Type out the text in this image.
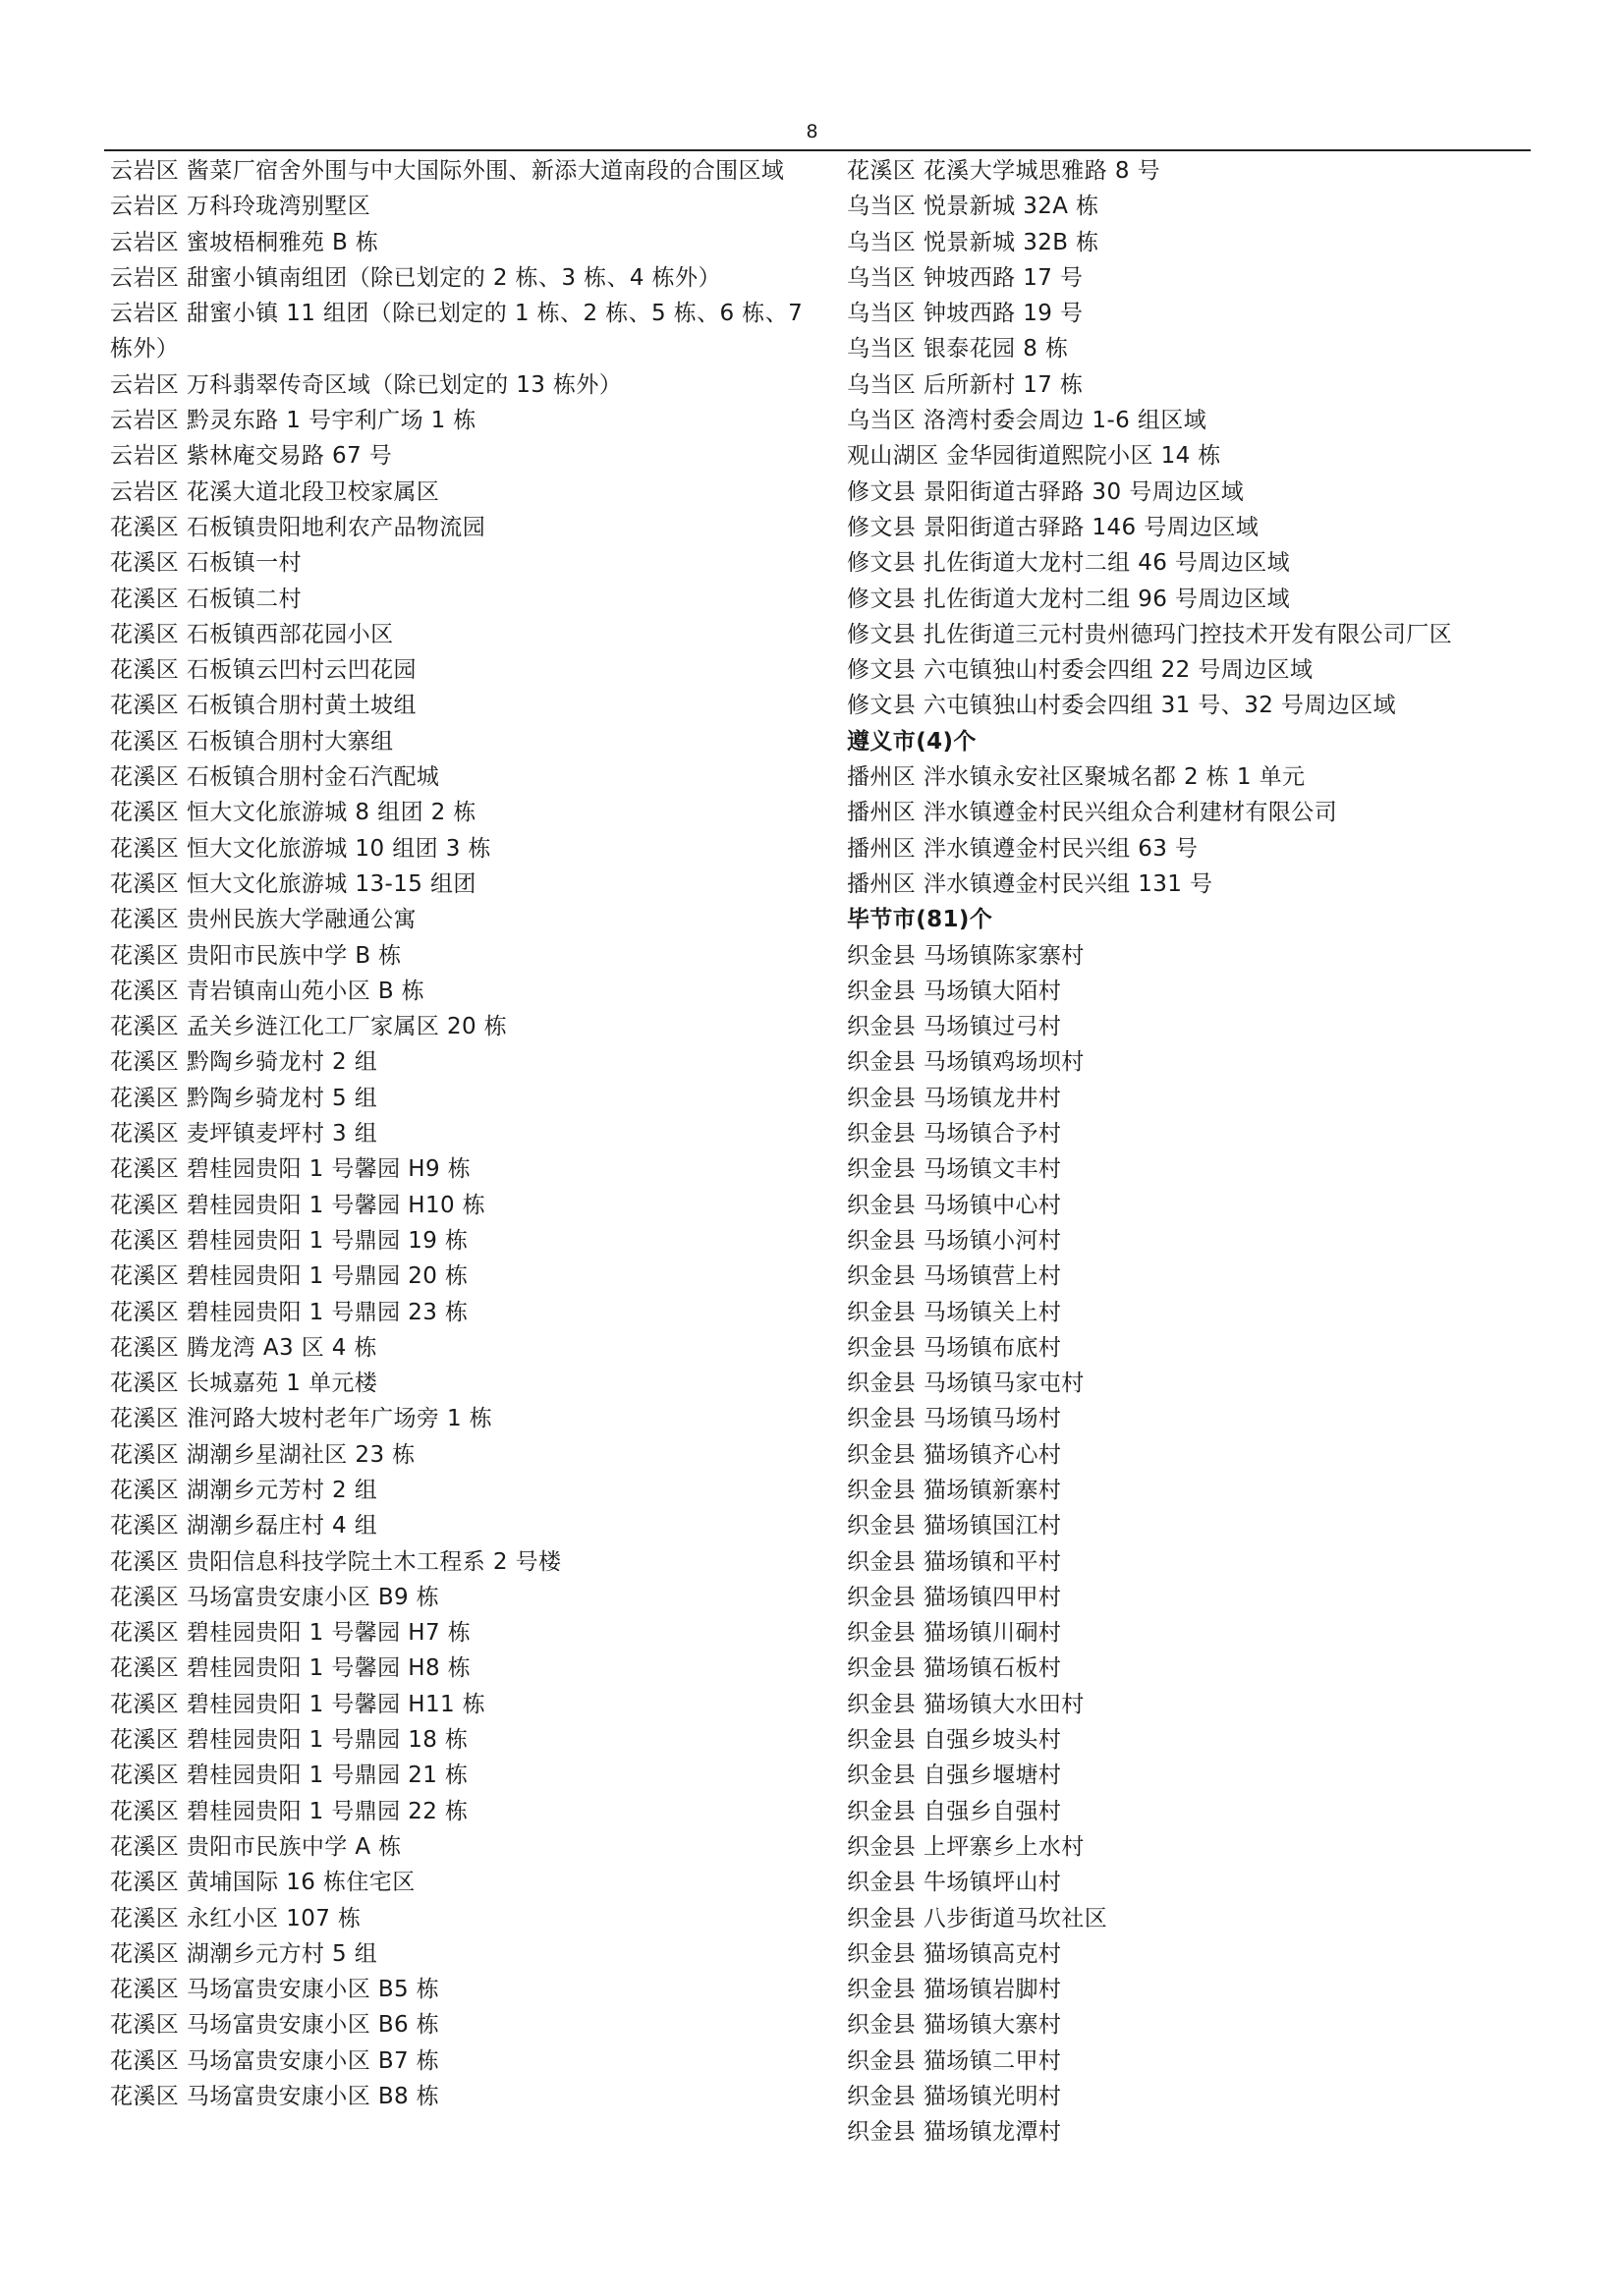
8
云岩区 酱菜厂宿舍外围与中大国际外围、新添大道南段的合围区域
云岩区 万科玲珑湾别墅区
云岩区 蜜坡梧桐雅苑 B 栋
云岩区 甜蜜小镇南组团（除已划定的 2 栋、3 栋、4 栋外）
云岩区 甜蜜小镇 11 组团（除已划定的 1 栋、2 栋、5 栋、6 栋、7 栋外）
云岩区 万科翡翠传奇区域（除已划定的 13 栋外）
云岩区 黔灵东路 1 号宇利广场 1 栋
云岩区 紫林庵交易路 67 号
云岩区 花溪大道北段卫校家属区
花溪区 石板镇贵阳地利农产品物流园
花溪区 石板镇一村
花溪区 石板镇二村
花溪区 石板镇西部花园小区
花溪区 石板镇云凹村云凹花园
花溪区 石板镇合朋村黄土坡组
花溪区 石板镇合朋村大寨组
花溪区 石板镇合朋村金石汽配城
花溪区 恒大文化旅游城 8 组团 2 栋
花溪区 恒大文化旅游城 10 组团 3 栋
花溪区 恒大文化旅游城 13-15 组团
花溪区 贵州民族大学融通公寓
花溪区 贵阳市民族中学 B 栋
花溪区 青岩镇南山苑小区 B 栋
花溪区 孟关乡涟江化工厂家属区 20 栋
花溪区 黔陶乡骑龙村 2 组
花溪区 黔陶乡骑龙村 5 组
花溪区 麦坪镇麦坪村 3 组
花溪区 碧桂园贵阳 1 号馨园 H9 栋
花溪区 碧桂园贵阳 1 号馨园 H10 栋
花溪区 碧桂园贵阳 1 号鼎园 19 栋
花溪区 碧桂园贵阳 1 号鼎园 20 栋
花溪区 碧桂园贵阳 1 号鼎园 23 栋
花溪区 腾龙湾 A3 区 4 栋
花溪区 长城嘉苑 1 单元楼
花溪区 淮河路大坡村老年广场旁 1 栋
花溪区 湖潮乡星湖社区 23 栋
花溪区 湖潮乡元芳村 2 组
花溪区 湖潮乡磊庄村 4 组
花溪区 贵阳信息科技学院土木工程系 2 号楼
花溪区 马场富贵安康小区 B9 栋
花溪区 碧桂园贵阳 1 号馨园 H7 栋
花溪区 碧桂园贵阳 1 号馨园 H8 栋
花溪区 碧桂园贵阳 1 号馨园 H11 栋
花溪区 碧桂园贵阳 1 号鼎园 18 栋
花溪区 碧桂园贵阳 1 号鼎园 21 栋
花溪区 碧桂园贵阳 1 号鼎园 22 栋
花溪区 贵阳市民族中学 A 栋
花溪区 黄埔国际 16 栋住宅区
花溪区 永红小区 107 栋
花溪区 湖潮乡元方村 5 组
花溪区 马场富贵安康小区 B5 栋
花溪区 马场富贵安康小区 B6 栋
花溪区 马场富贵安康小区 B7 栋
花溪区 马场富贵安康小区 B8 栋
花溪区 花溪大学城思雅路 8 号
乌当区 悦景新城 32A 栋
乌当区 悦景新城 32B 栋
乌当区 钟坡西路 17 号
乌当区 钟坡西路 19 号
乌当区 银泰花园 8 栋
乌当区 后所新村 17 栋
乌当区 洛湾村委会周边 1-6 组区域
观山湖区 金华园街道熙院小区 14 栋
修文县 景阳街道古驿路 30 号周边区域
修文县 景阳街道古驿路 146 号周边区域
修文县 扎佐街道大龙村二组 46 号周边区域
修文县 扎佐街道大龙村二组 96 号周边区域
修文县 扎佐街道三元村贵州德玛门控技术开发有限公司厂区
修文县 六屯镇独山村委会四组 22 号周边区域
修文县 六屯镇独山村委会四组 31 号、32 号周边区域
遵义市(4)个
播州区 泮水镇永安社区聚城名都 2 栋 1 单元
播州区 泮水镇遵金村民兴组众合利建材有限公司
播州区 泮水镇遵金村民兴组 63 号
播州区 泮水镇遵金村民兴组 131 号
毕节市(81)个
织金县 马场镇陈家寨村
织金县 马场镇大陌村
织金县 马场镇过弓村
织金县 马场镇鸡场坝村
织金县 马场镇龙井村
织金县 马场镇合予村
织金县 马场镇文丰村
织金县 马场镇中心村
织金县 马场镇小河村
织金县 马场镇营上村
织金县 马场镇关上村
织金县 马场镇布底村
织金县 马场镇马家屯村
织金县 马场镇马场村
织金县 猫场镇齐心村
织金县 猫场镇新寨村
织金县 猫场镇国江村
织金县 猫场镇和平村
织金县 猫场镇四甲村
织金县 猫场镇川硐村
织金县 猫场镇石板村
织金县 猫场镇大水田村
织金县 自强乡坡头村
织金县 自强乡堰塘村
织金县 自强乡自强村
织金县 上坪寨乡上水村
织金县 牛场镇坪山村
织金县 八步街道马坎社区
织金县 猫场镇高克村
织金县 猫场镇岩脚村
织金县 猫场镇大寨村
织金县 猫场镇二甲村
织金县 猫场镇光明村
织金县 猫场镇龙潭村
